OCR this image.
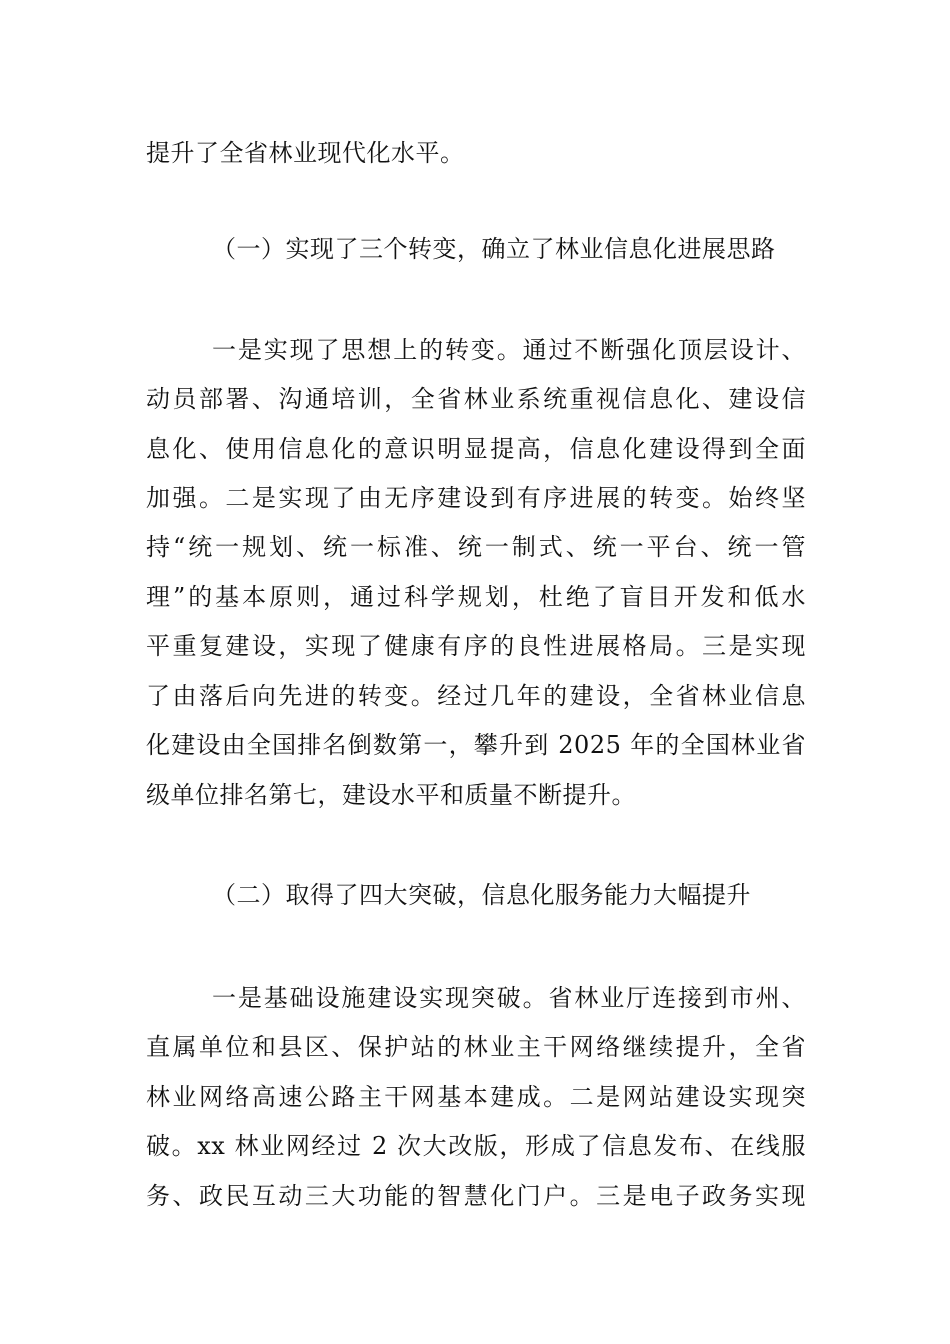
提升了全省林业现代化水平。
（一）实现了三个转变，确立了林业信息化进展思路
一是实现了思想上的转变。通过不断强化顶层设计、
动员部署、沟通培训，全省林业系统重视信息化、建设信
息化、使用信息化的意识明显提高，信息化建设得到全面
加强。二是实现了由无序建设到有序进展的转变。始终坚
持“统一规划、统一标准、统一制式、统一平台、统一管
理”的基本原则，通过科学规划，杜绝了盲目开发和低水
平重复建设，实现了健康有序的良性进展格局。三是实现
了由落后向先进的转变。经过几年的建设，全省林业信息
化建设由全国排名倒数第一，攀升到 2025 年的全国林业省
级单位排名第七，建设水平和质量不断提升。
（二）取得了四大突破，信息化服务能力大幅提升
一是基础设施建设实现突破。省林业厅连接到市州、
直属单位和县区、保护站的林业主干网络继续提升，全省
林业网络高速公路主干网基本建成。二是网站建设实现突
破。xx 林业网经过 2 次大改版，形成了信息发布、在线服
务、政民互动三大功能的智慧化门户。三是电子政务实现
